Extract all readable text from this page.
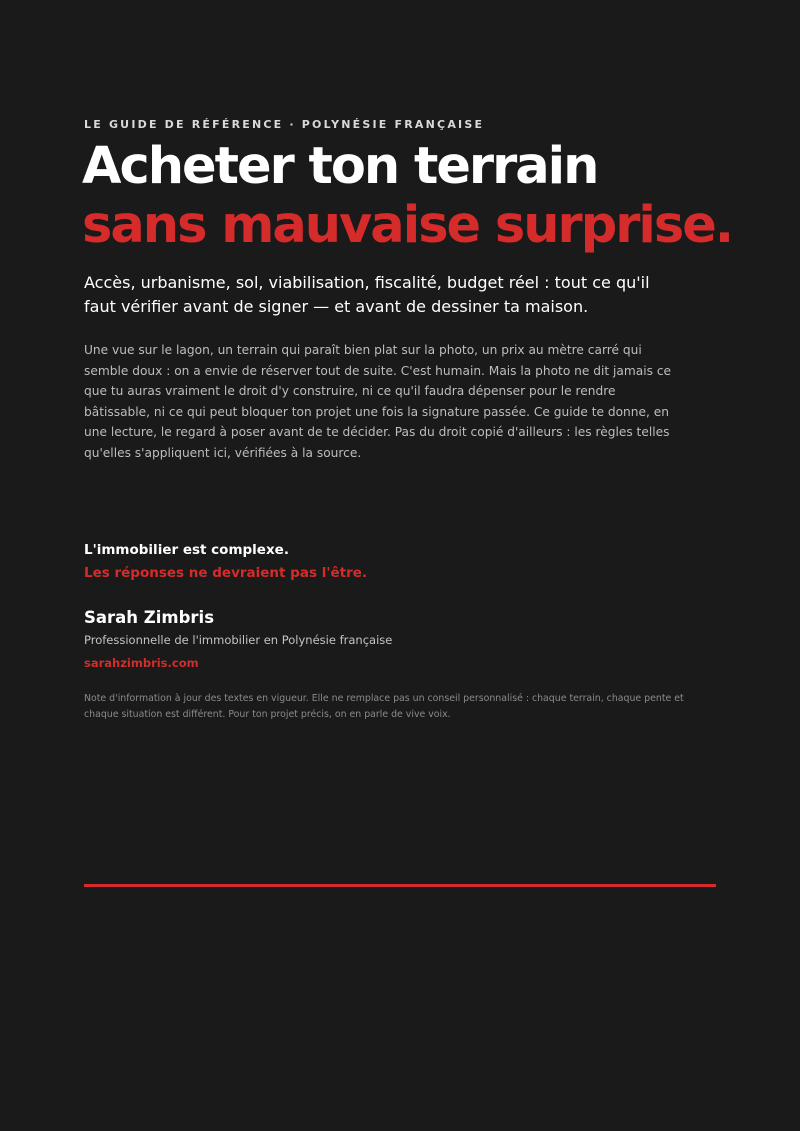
LE GUIDE DE RÉFÉRENCE · POLYNÉSIE FRANÇAISE
Acheter ton terrain
sans mauvaise surprise.

Accès, urbanisme, sol, viabilisation, fiscalité, budget réel : tout ce qu'il faut vérifier avant de signer — et avant de dessiner ta maison.

Une vue sur le lagon, un terrain qui paraît bien plat sur la photo, un prix au mètre carré qui semble doux : on a envie de réserver tout de suite. C'est humain. Mais la photo ne dit jamais ce que tu auras vraiment le droit d'y construire, ni ce qu'il faudra dépenser pour le rendre bâtissable, ni ce qui peut bloquer ton projet une fois la signature passée. Ce guide te donne, en une lecture, le regard à poser avant de te décider. Pas du droit copié d'ailleurs : les règles telles qu'elles s'appliquent ici, vérifiées à la source.

L'immobilier est complexe.
Les réponses ne devraient pas l'être.
Sarah Zimbris
Professionnelle de l'immobilier en Polynésie française
sarahzimbris.com

Note d'information à jour des textes en vigueur. Elle ne remplace pas un conseil personnalisé : chaque terrain, chaque pente et chaque situation est différent. Pour ton projet précis, on en parle de vive voix.
